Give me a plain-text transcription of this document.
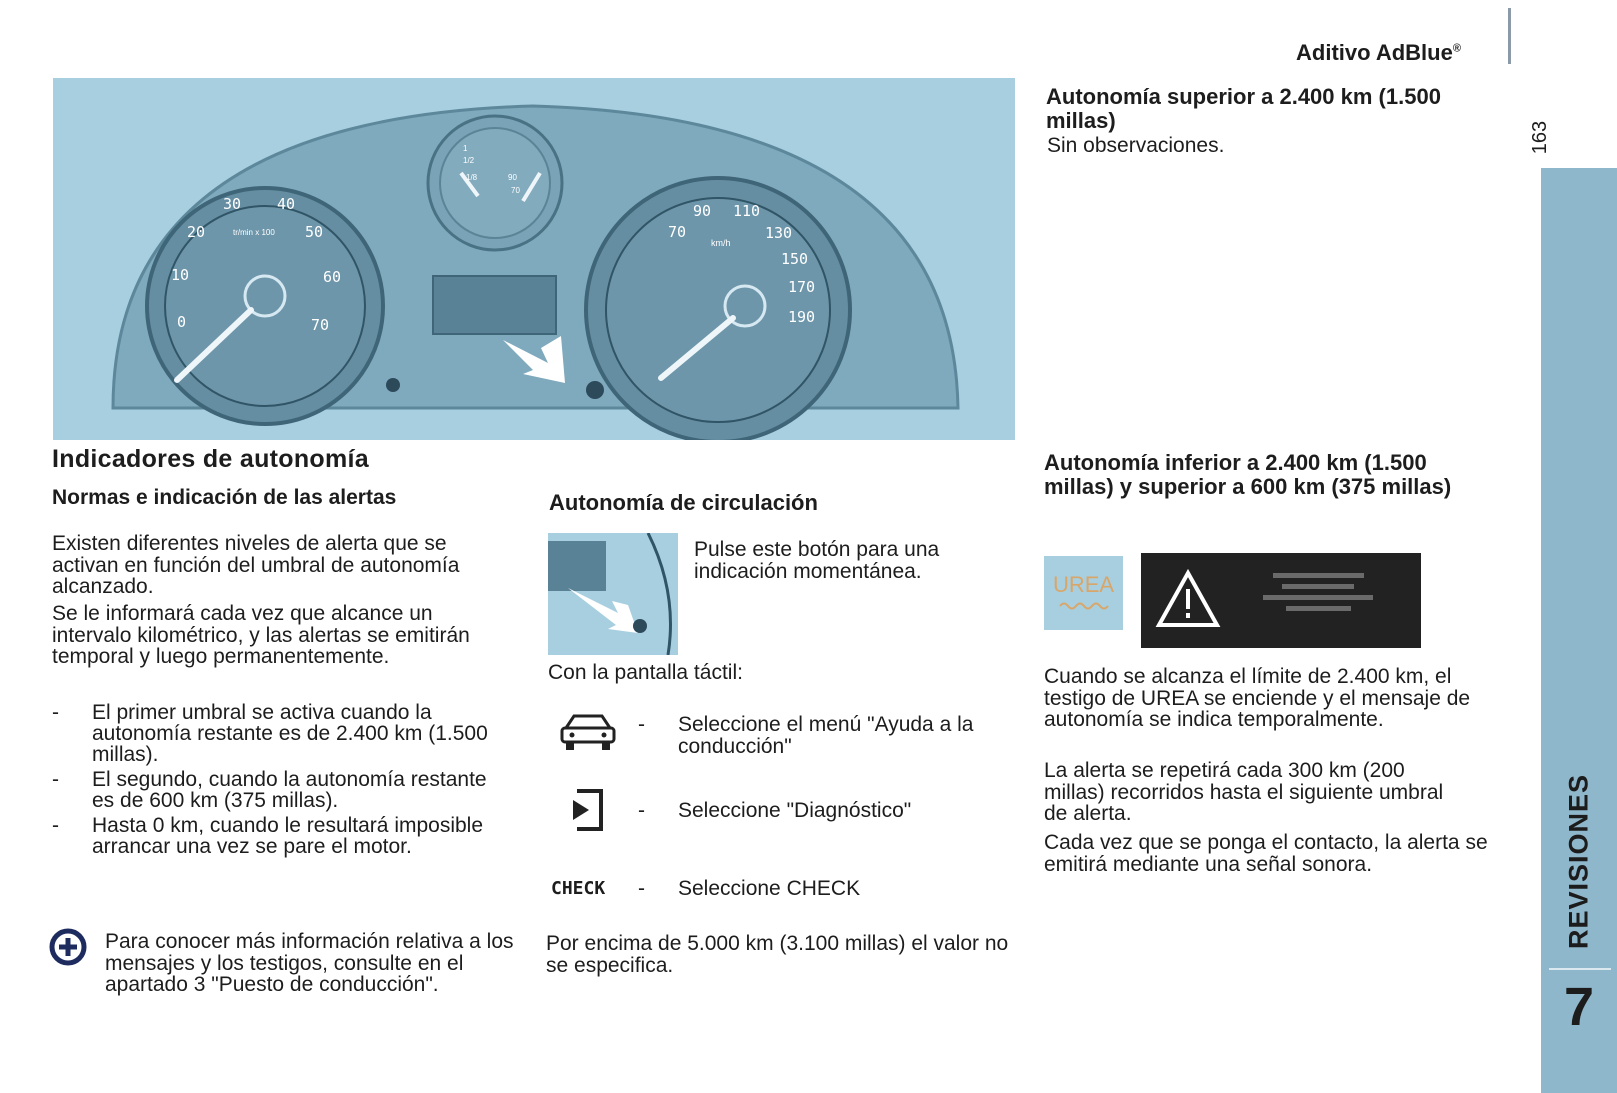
Aditivo AdBlue®
163
REVISIONES
7
30 40
20	50
10	60
0	70
tr/min x 100
1/2
1/8
1
90
70
90 110
70	130
150
170
190
km/h
Indicadores de autonomía
Normas e indicación de las alertas

Existen diferentes niveles de alerta que se activan en función del umbral de autonomía alcanzado.

Se le informará cada vez que alcance un intervalo kilométrico, y las alertas se emitirán temporal y luego permanentemente.

- El primer umbral se activa cuando la autonomía restante es de 2.400 km (1.500 millas).
- El segundo, cuando la autonomía restante es de 600 km (375 millas).
- Hasta 0 km, cuando le resultará imposible arrancar una vez se pare el motor.

Para conocer más información relativa a los mensajes y los testigos, consulte en el apartado 3 "Puesto de conducción".

Autonomía de circulación

Pulse este botón para una indicación momentánea.

Con la pantalla táctil:

- Seleccione el menú "Ayuda a la conducción"

- Seleccione "Diagnóstico"

CHECK - Seleccione CHECK

Por encima de 5.000 km (3.100 millas) el valor no se especifica.

Autonomía superior a 2.400 km (1.500 millas)

Sin observaciones.

Autonomía inferior a 2.400 km (1.500 millas) y superior a 600 km (375 millas)
UREA

Cuando se alcanza el límite de 2.400 km, el testigo de UREA se enciende y el mensaje de autonomía se indica temporalmente.

La alerta se repetirá cada 300 km (200 millas) recorridos hasta el siguiente umbral de alerta.

Cada vez que se ponga el contacto, la alerta se emitirá mediante una señal sonora.
